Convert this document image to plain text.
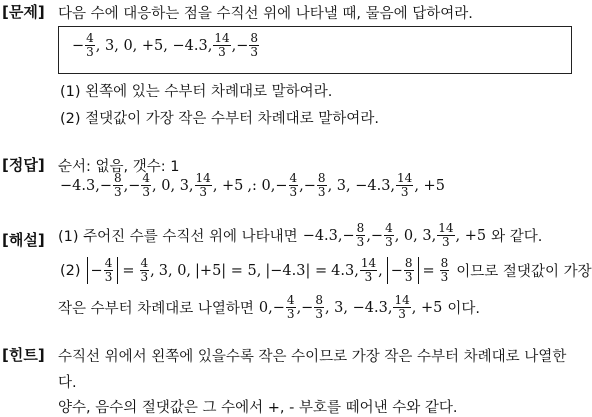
[문제] 다음 수에 대응하는 점을 수직선 위에 나타낼 때, 물음에 답하여라.
− $\frac{4}{3}$ , 3, 0, +5, −4.3, $\frac{14}{3}$ , − $\frac{8}{3}$
(1) 왼쪽에 있는 수부터 차례대로 말하여라.
(2) 절댓값이 가장 작은 수부터 차례대로 말하여라.
[정답] 순서: 없음, 갯수: 1
−4.3, − $\frac{8}{3}$ , − $\frac{4}{3}$ , 0, 3, $\frac{14}{3}$ , +5 ,: 0, − $\frac{4}{3}$ , − $\frac{8}{3}$ , 3, −4.3, $\frac{14}{3}$ , +5
[해설] (1) 주어진 수를 수직선 위에 나타내면 −4.3, − $\frac{8}{3}$ , − $\frac{4}{3}$ , 0, 3, $\frac{14}{3}$ , +5 와 같다.
$(2) - \frac{4}{3} = \frac{4}{3}$ , 3, 0, |+5| = 5, |−4.3| = 4.3, $\frac{14}{3}$ , − $\frac{8}{3} = \frac{8}{3}$ 이므로 절댓값이 가장
작은 수부터 차례대로 나열하면 0, − $\frac{4}{3}$ , − $\frac{8}{3}$ , 3, −4.3, $\frac{14}{3}$ , +5 이다.
[힌트] 수직선 위에서 왼쪽에 있을수록 작은 수이므로 가장 작은 수부터 차례대로 나열한
다.
양수, 음수의 절댓값은 그 수에서 +, - 부호를 떼어낸 수와 같다.
